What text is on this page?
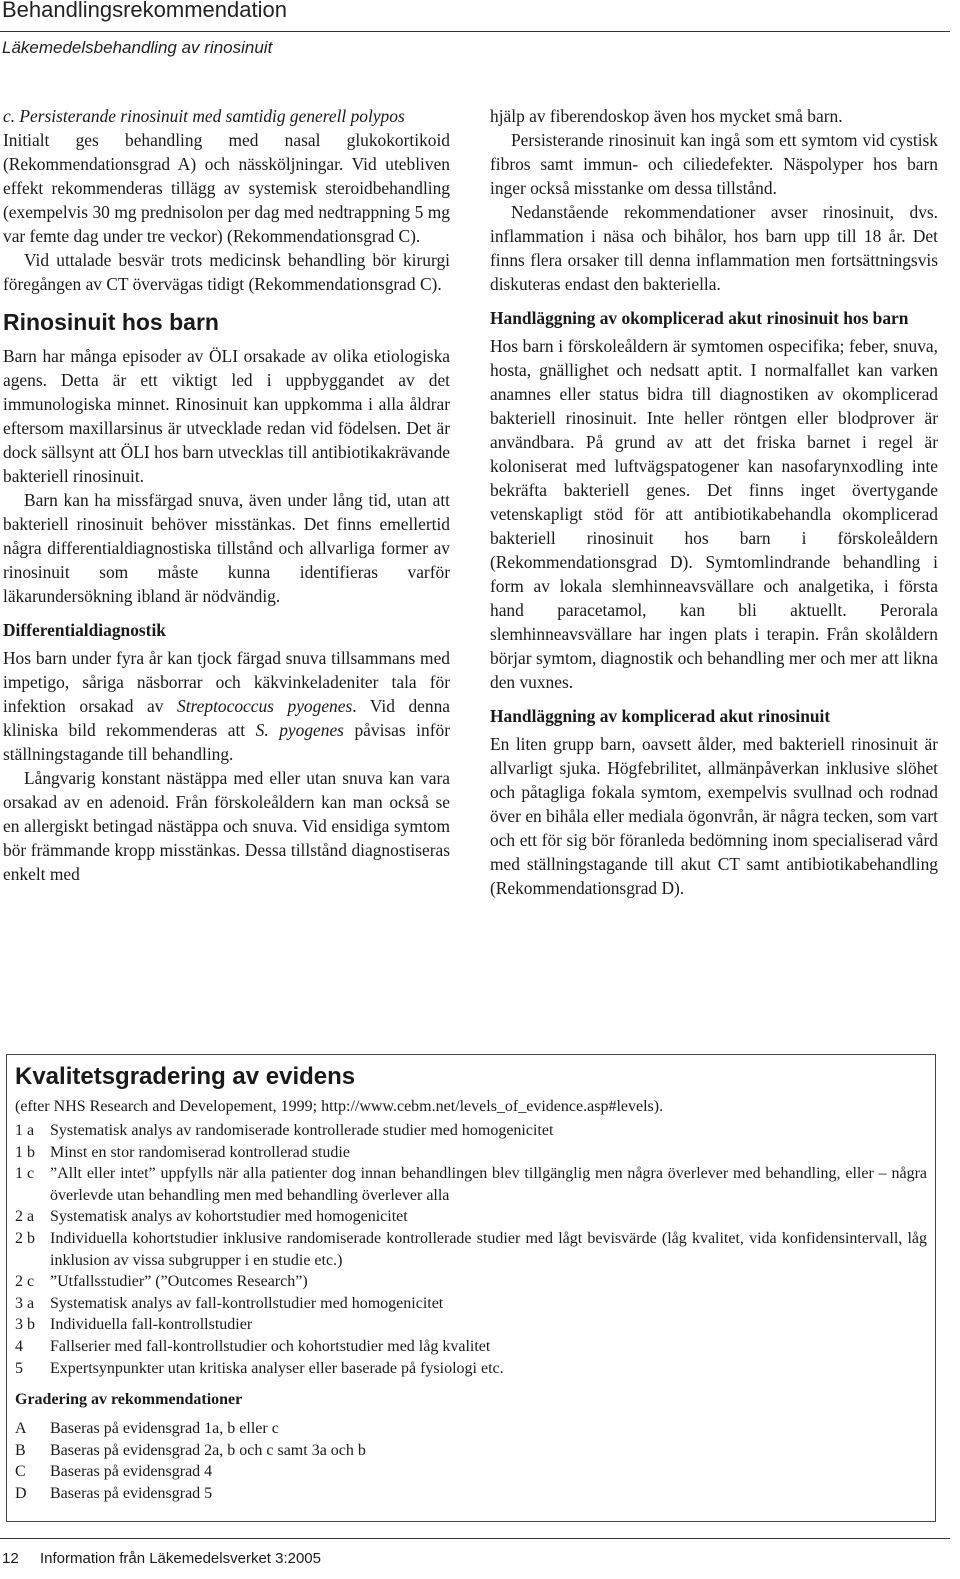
Behandlingsrekommendation
Läkemedelsbehandling av rinosinuit

c. Persisterande rinosinuit med samtidig generell polypos

Initialt ges behandling med nasal glukokortikoid (Rekommendationsgrad A) och nässköljningar. Vid utebliven effekt rekommenderas tillägg av systemisk steroidbehandling (exempelvis 30 mg prednisolon per dag med nedtrappning 5 mg var femte dag under tre veckor) (Rekommendationsgrad C).

Vid uttalade besvär trots medicinsk behandling bör kirurgi föregången av CT övervägas tidigt (Rekommendationsgrad C).

Rinosinuit hos barn

Barn har många episoder av ÖLI orsakade av olika etiologiska agens. Detta är ett viktigt led i uppbyggandet av det immunologiska minnet. Rinosinuit kan uppkomma i alla åldrar eftersom maxillarsinus är utvecklade redan vid födelsen. Det är dock sällsynt att ÖLI hos barn utvecklas till antibiotikakrävande bakteriell rinosinuit.

Barn kan ha missfärgad snuva, även under lång tid, utan att bakteriell rinosinuit behöver misstänkas. Det finns emellertid några differentialdiagnostiska tillstånd och allvarliga former av rinosinuit som måste kunna identifieras varför läkarundersökning ibland är nödvändig.

Differentialdiagnostik

Hos barn under fyra år kan tjock färgad snuva tillsammans med impetigo, såriga näsborrar och käkvinkeladeniter tala för infektion orsakad av Streptococcus pyogenes. Vid denna kliniska bild rekommenderas att S. pyogenes påvisas inför ställningstagande till behandling.

Långvarig konstant nästäppa med eller utan snuva kan vara orsakad av en adenoid. Från förskoleåldern kan man också se en allergiskt betingad nästäppa och snuva. Vid ensidiga symtom bör främmande kropp misstänkas. Dessa tillstånd diagnostiseras enkelt med

hjälp av fiberendoskop även hos mycket små barn.

Persisterande rinosinuit kan ingå som ett symtom vid cystisk fibros samt immun- och ciliedefekter. Näspolyper hos barn inger också misstanke om dessa tillstånd.

Nedanstående rekommendationer avser rinosinuit, dvs. inflammation i näsa och bihålor, hos barn upp till 18 år. Det finns flera orsaker till denna inflammation men fortsättningsvis diskuteras endast den bakteriella.

Handläggning av okomplicerad akut rinosinuit hos barn

Hos barn i förskoleåldern är symtomen ospecifika; feber, snuva, hosta, gnällighet och nedsatt aptit. I normalfallet kan varken anamnes eller status bidra till diagnostiken av okomplicerad bakteriell rinosinuit. Inte heller röntgen eller blodprover är användbara. På grund av att det friska barnet i regel är koloniserat med luftvägspatogener kan nasofarynxodling inte bekräfta bakteriell genes. Det finns inget övertygande vetenskapligt stöd för att antibiotikabehandla okomplicerad bakteriell rinosinuit hos barn i förskoleåldern (Rekommendationsgrad D). Symtomlindrande behandling i form av lokala slemhinneavsvällare och analgetika, i första hand paracetamol, kan bli aktuellt. Perorala slemhinneavsvällare har ingen plats i terapin. Från skolåldern börjar symtom, diagnostik och behandling mer och mer att likna den vuxnes.

Handläggning av komplicerad akut rinosinuit

En liten grupp barn, oavsett ålder, med bakteriell rinosinuit är allvarligt sjuka. Högfebrilitet, allmänpåverkan inklusive slöhet och påtagliga fokala symtom, exempelvis svullnad och rodnad över en bihåla eller mediala ögonvrån, är några tecken, som vart och ett för sig bör föranleda bedömning inom specialiserad vård med ställningstagande till akut CT samt antibiotikabehandling (Rekommendationsgrad D).

Kvalitetsgradering av evidens
(efter NHS Research and Developement, 1999; http://www.cebm.net/levels_of_evidence.asp#levels).
1 a Systematisk analys av randomiserade kontrollerade studier med homogenicitet
1 b Minst en stor randomiserad kontrollerad studie
1 c ”Allt eller intet” uppfylls när alla patienter dog innan behandlingen blev tillgänglig men några överlever med behandling, eller – några överlevde utan behandling men med behandling överlever alla
2 a Systematisk analys av kohortstudier med homogenicitet
2 b Individuella kohortstudier inklusive randomiserade kontrollerade studier med lågt bevisvärde (låg kvalitet, vida konfidensintervall, låg inklusion av vissa subgrupper i en studie etc.)
2 c ”Utfallsstudier” (”Outcomes Research”)
3 a Systematisk analys av fall-kontrollstudier med homogenicitet
3 b Individuella fall-kontrollstudier
4	Fallserier med fall-kontrollstudier och kohortstudier med låg kvalitet
5	Expertsynpunkter utan kritiska analyser eller baserade på fysiologi etc.
Gradering av rekommendationer
A	Baseras på evidensgrad 1a, b eller c
B	Baseras på evidensgrad 2a, b och c samt 3a och b
C	Baseras på evidensgrad 4
D	Baseras på evidensgrad 5
12 Information från Läkemedelsverket 3:2005
